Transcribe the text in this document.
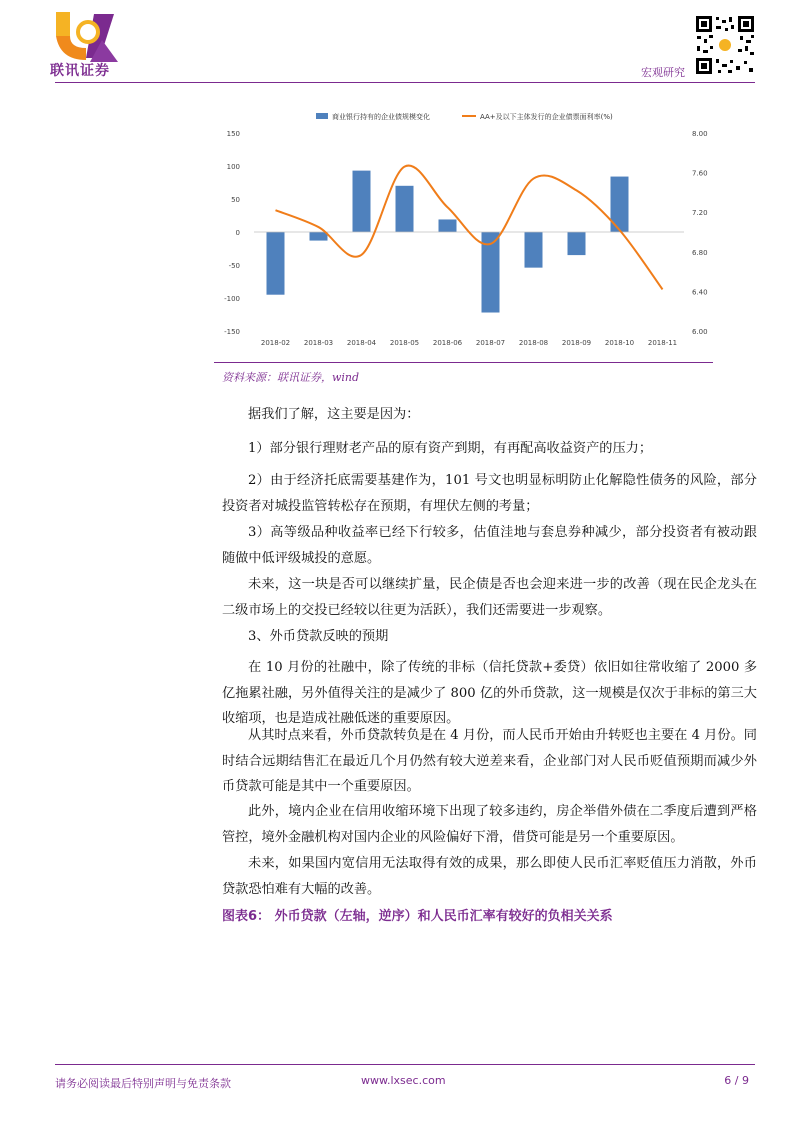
联讯证券	宏观研究
商业银行持有的企业债规模变化	AA+及以下主体发行的企业债票面利率(%)
150
100
50
0
-50
-100
-150
8.00
7.60
7.20
6.80
6.40
6.00
2018-02 2018-03 2018-04 2018-05 2018-06 2018-07 2018-08 2018-09 2018-10 2018-11
资料来源：联讯证券，wind
据我们了解，这主要是因为：
1）部分银行理财老产品的原有资产到期，有再配高收益资产的压力；
2）由于经济托底需要基建作为，101 号文也明显标明防止化解隐性债务的风险，部分投资者对城投监管转松存在预期，有埋伏左侧的考量；
3）高等级品种收益率已经下行较多，估值洼地与套息券种减少，部分投资者有被动跟随做中低评级城投的意愿。
未来，这一块是否可以继续扩量，民企债是否也会迎来进一步的改善（现在民企龙头在二级市场上的交投已经较以往更为活跃），我们还需要进一步观察。
3、外币贷款反映的预期
在 10 月份的社融中，除了传统的非标（信托贷款+委贷）依旧如往常收缩了 2000 多亿拖累社融，另外值得关注的是减少了 800 亿的外币贷款，这一规模是仅次于非标的第三大收缩项，也是造成社融低迷的重要原因。
从其时点来看，外币贷款转负是在 4 月份，而人民币开始由升转贬也主要在 4 月份。同时结合远期结售汇在最近几个月仍然有较大逆差来看，企业部门对人民币贬值预期而减少外币贷款可能是其中一个重要原因。
此外，境内企业在信用收缩环境下出现了较多违约，房企举借外债在二季度后遭到严格管控，境外金融机构对国内企业的风险偏好下滑，借贷可能是另一个重要原因。
未来，如果国内宽信用无法取得有效的成果，那么即使人民币汇率贬值压力消散，外币贷款恐怕难有大幅的改善。
图表6： 外币贷款（左轴，逆序）和人民币汇率有较好的负相关关系
请务必阅读最后特别声明与免责条款	www.lxsec.com	6 / 9
